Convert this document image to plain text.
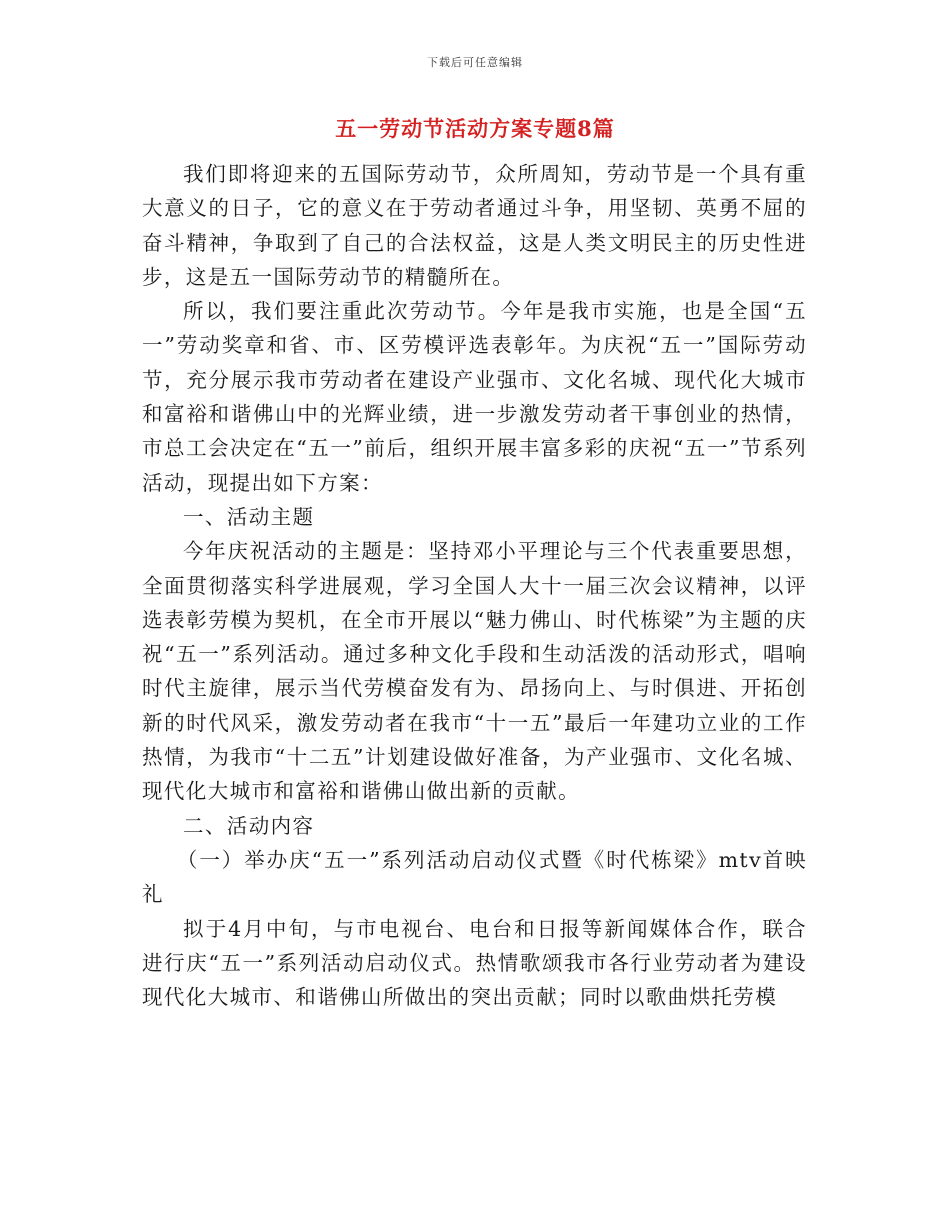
下载后可任意编辑
五一劳动节活动方案专题8篇

我们即将迎来的五国际劳动节，众所周知，劳动节是一个具有重大意义的日子，它的意义在于劳动者通过斗争，用坚韧、英勇不屈的奋斗精神，争取到了自己的合法权益，这是人类文明民主的历史性进步，这是五一国际劳动节的精髓所在。

所以，我们要注重此次劳动节。今年是我市实施，也是全国“五一”劳动奖章和省、市、区劳模评选表彰年。为庆祝“五一”国际劳动节，充分展示我市劳动者在建设产业强市、文化名城、现代化大城市和富裕和谐佛山中的光辉业绩，进一步激发劳动者干事创业的热情，市总工会决定在“五一”前后，组织开展丰富多彩的庆祝“五一”节系列活动，现提出如下方案：

一、活动主题

今年庆祝活动的主题是：坚持邓小平理论与三个代表重要思想，全面贯彻落实科学进展观，学习全国人大十一届三次会议精神，以评选表彰劳模为契机，在全市开展以“魅力佛山、时代栋梁”为主题的庆祝“五一”系列活动。通过多种文化手段和生动活泼的活动形式，唱响时代主旋律，展示当代劳模奋发有为、昂扬向上、与时俱进、开拓创新的时代风采，激发劳动者在我市“十一五”最后一年建功立业的工作热情，为我市“十二五”计划建设做好准备，为产业强市、文化名城、现代化大城市和富裕和谐佛山做出新的贡献。

二、活动内容

（一）举办庆“五一”系列活动启动仪式暨《时代栋梁》mtv首映礼

拟于4月中旬，与市电视台、电台和日报等新闻媒体合作，联合进行庆“五一”系列活动启动仪式。热情歌颂我市各行业劳动者为建设现代化大城市、和谐佛山所做出的突出贡献；同时以歌曲烘托劳模
